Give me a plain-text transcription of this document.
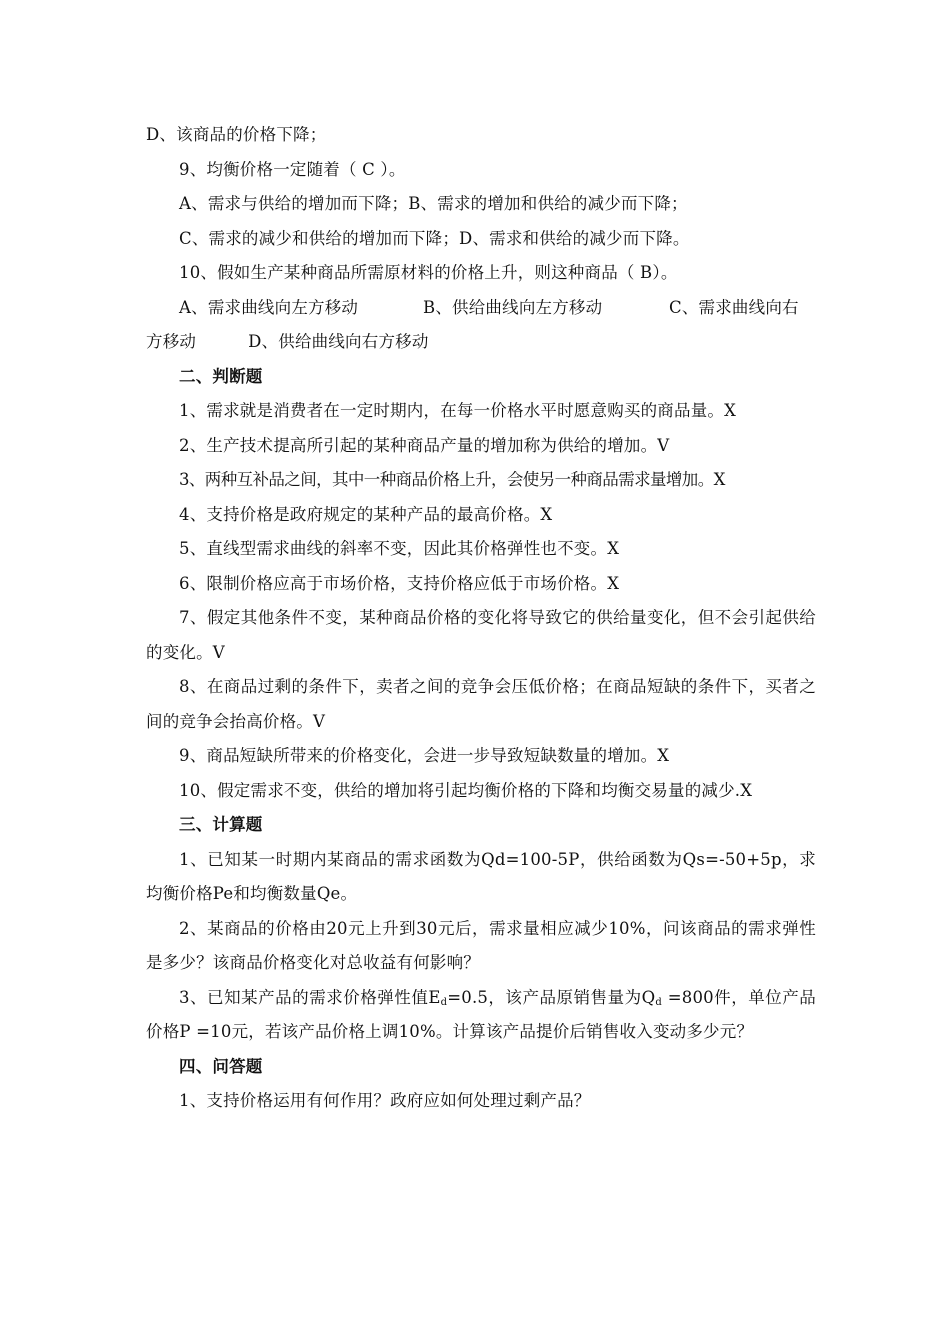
D、该商品的价格下降；
9、均衡价格一定随着（ C ）。
A、需求与供给的增加而下降；B、需求的增加和供给的减少而下降；
C、需求的减少和供给的增加而下降；D、需求和供给的减少而下降。
10、假如生产某种商品所需原材料的价格上升，则这种商品（ B）。
A、需求曲线向左方移动	B、供给曲线向左方移动	C、需求曲线向右
方移动	D、供给曲线向右方移动
二、判断题
1、需求就是消费者在一定时期内，在每一价格水平时愿意购买的商品量。X
2、生产技术提高所引起的某种商品产量的增加称为供给的增加。V
3、两种互补品之间，其中一种商品价格上升，会使另一种商品需求量增加。X
4、支持价格是政府规定的某种产品的最高价格。X
5、直线型需求曲线的斜率不变，因此其价格弹性也不变。X
6、限制价格应高于市场价格，支持价格应低于市场价格。X
7、假定其他条件不变，某种商品价格的变化将导致它的供给量变化，但不会引起供给的变化。V
8、在商品过剩的条件下，卖者之间的竞争会压低价格；在商品短缺的条件下，买者之间的竞争会抬高价格。V
9、商品短缺所带来的价格变化，会进一步导致短缺数量的增加。X
10、假定需求不变，供给的增加将引起均衡价格的下降和均衡交易量的减少.X
三、计算题
1、已知某一时期内某商品的需求函数为Qd=100-5P，供给函数为Qs=-50+5p，求均衡价格Pe和均衡数量Qe。
2、某商品的价格由20元上升到30元后，需求量相应减少10%，问该商品的需求弹性是多少？该商品价格变化对总收益有何影响？
3、已知某产品的需求价格弹性值$E_d=0.5$，该产品原销售量为$Q_d =800$件，单位产品价格P =10元，若该产品价格上调10%。计算该产品提价后销售收入变动多少元？
四、问答题
1、支持价格运用有何作用？政府应如何处理过剩产品？
